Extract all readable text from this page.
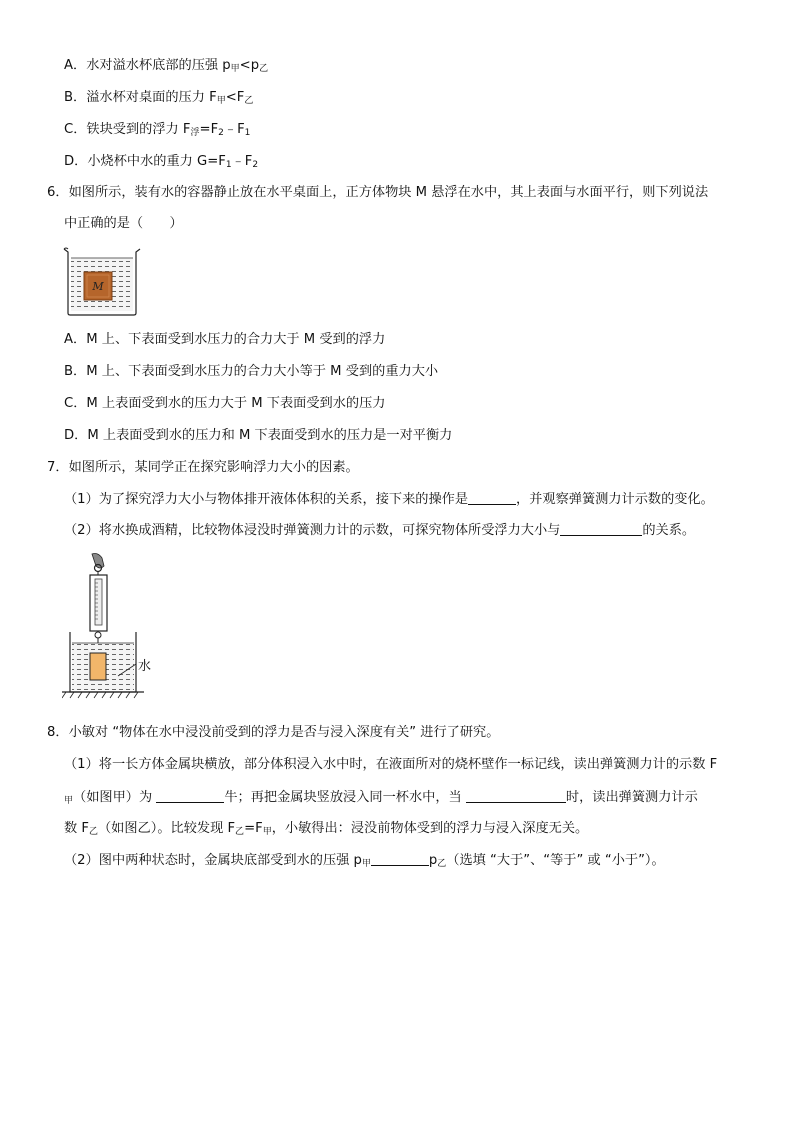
A．水对溢水杯底部的压强 $p_甲<p_乙$
B．溢水杯对桌面的压力 $F_甲<F_乙$
C．铁块受到的浮力 $F_浮=F_2﹣F_1$
D．小烧杯中水的重力 $G=F_1﹣F_2$
6．如图所示，装有水的容器静止放在水平桌面上，正方体物块 M 悬浮在水中，其上表面与水面平行，则下列说法
中正确的是（　　）
M
A．M 上、下表面受到水压力的合力大于 M 受到的浮力
B．M 上、下表面受到水压力的合力大小等于 M 受到的重力大小
C．M 上表面受到水的压力大于 M 下表面受到水的压力
D．M 上表面受到水的压力和 M 下表面受到水的压力是一对平衡力
7．如图所示，某同学正在探究影响浮力大小的因素。
（1）为了探究浮力大小与物体排开液体体积的关系，接下来的操作是	，并观察弹簧测力计示数的变化。
（2）将水换成酒精，比较物体浸没时弹簧测力计的示数，可探究物体所受浮力大小与	的关系。
水
8．小敏对 “物体在水中浸没前受到的浮力是否与浸入深度有关” 进行了研究。
（1）将一长方体金属块横放，部分体积浸入水中时，在液面所对的烧杯壁作一标记线，读出弹簧测力计的示数 F
$_甲$（如图甲）为	牛；再把金属块竖放浸入同一杯水中，当	时，读出弹簧测力计示
数 $F_乙$（如图乙）。比较发现 $F_乙=F_甲$，小敏得出：浸没前物体受到的浮力与浸入深度无关。
（2）图中两种状态时，金属块底部受到水的压强 $p_甲$	$p_乙$（选填 “大于”、“等于” 或 “小于”）。
